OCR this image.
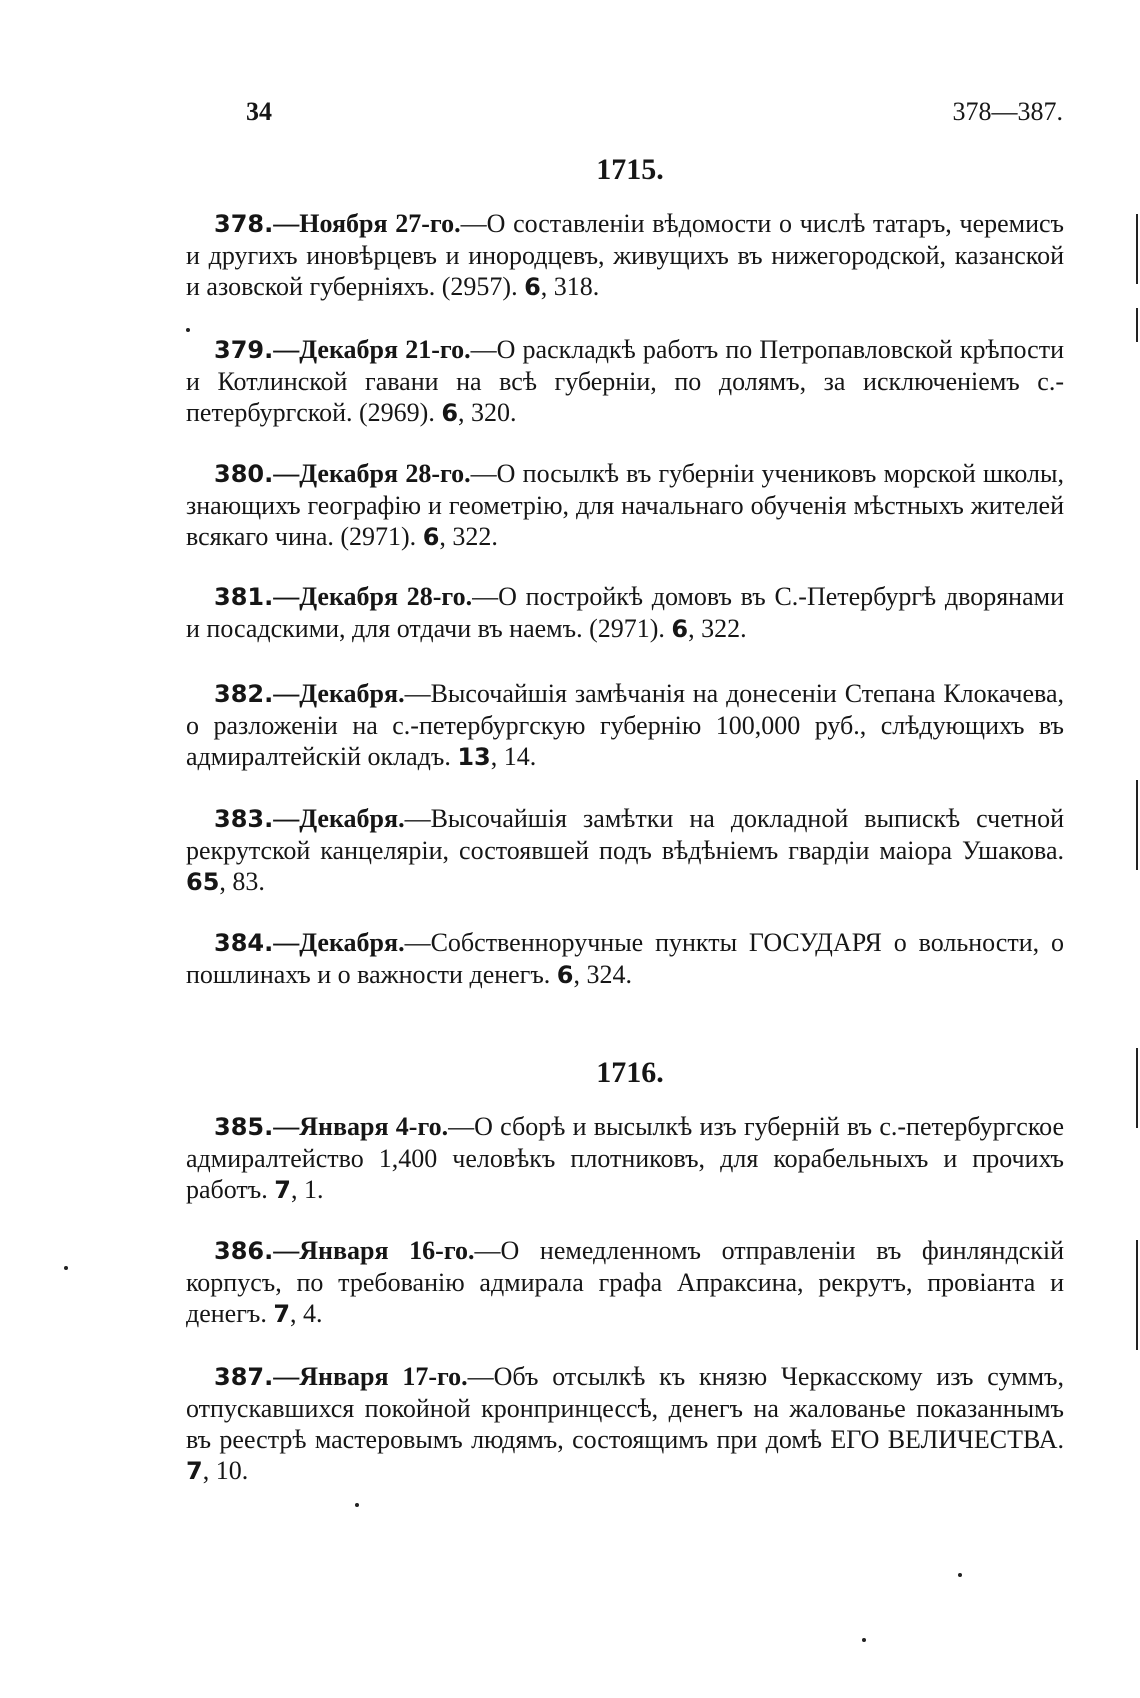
34	378—387.
1715.
378.—Ноября 27-го.—О составленіи вѣдомости о числѣ татаръ, черемисъ и другихъ иновѣрцевъ и инородцевъ, живущихъ въ нижегородской, казанской и азовской губерніяхъ. (2957). 6, 318.
379.—Декабря 21-го.—О раскладкѣ работъ по Петропавловской крѣпости и Котлинской гавани на всѣ губерніи, по долямъ, за исключеніемъ с.-петербургской. (2969). 6, 320.
380.—Декабря 28-го.—О посылкѣ въ губерніи учениковъ морской школы, знающихъ географію и геометрію, для начальнаго обученія мѣстныхъ жителей всякаго чина. (2971). 6, 322.
381.—Декабря 28-го.—О постройкѣ домовъ въ С.-Петербургѣ дворянами и посадскими, для отдачи въ наемъ. (2971). 6, 322.
382.—Декабря.—Высочайшія замѣчанія на донесеніи Степана Клокачева, о разложеніи на с.-петербургскую губернію 100,000 руб., слѣдующихъ въ адмиралтейскій окладъ. 13, 14.
383.—Декабря.—Высочайшія замѣтки на докладной выпискѣ счетной рекрутской канцеляріи, состоявшей подъ вѣдѣніемъ гвардіи маіора Ушакова. 65, 83.
384.—Декабря.—Собственноручные пункты ГОСУДАРЯ о вольности, о пошлинахъ и о важности денегъ. 6, 324.
1716.
385.—Января 4-го.—О сборѣ и высылкѣ изъ губерній въ с.-петербургское адмиралтейство 1,400 человѣкъ плотниковъ, для корабельныхъ и прочихъ работъ. 7, 1.
386.—Января 16-го.—О немедленномъ отправленіи въ финляндскій корпусъ, по требованію адмирала графа Апраксина, рекрутъ, провіанта и денегъ. 7, 4.
387.—Января 17-го.—Объ отсылкѣ къ князю Черкасскому изъ суммъ, отпускавшихся покойной кронпринцессѣ, денегъ на жалованье показаннымъ въ реестрѣ мастеровымъ людямъ, состоящимъ при домѣ ЕГО ВЕЛИЧЕСТВА. 7, 10.
